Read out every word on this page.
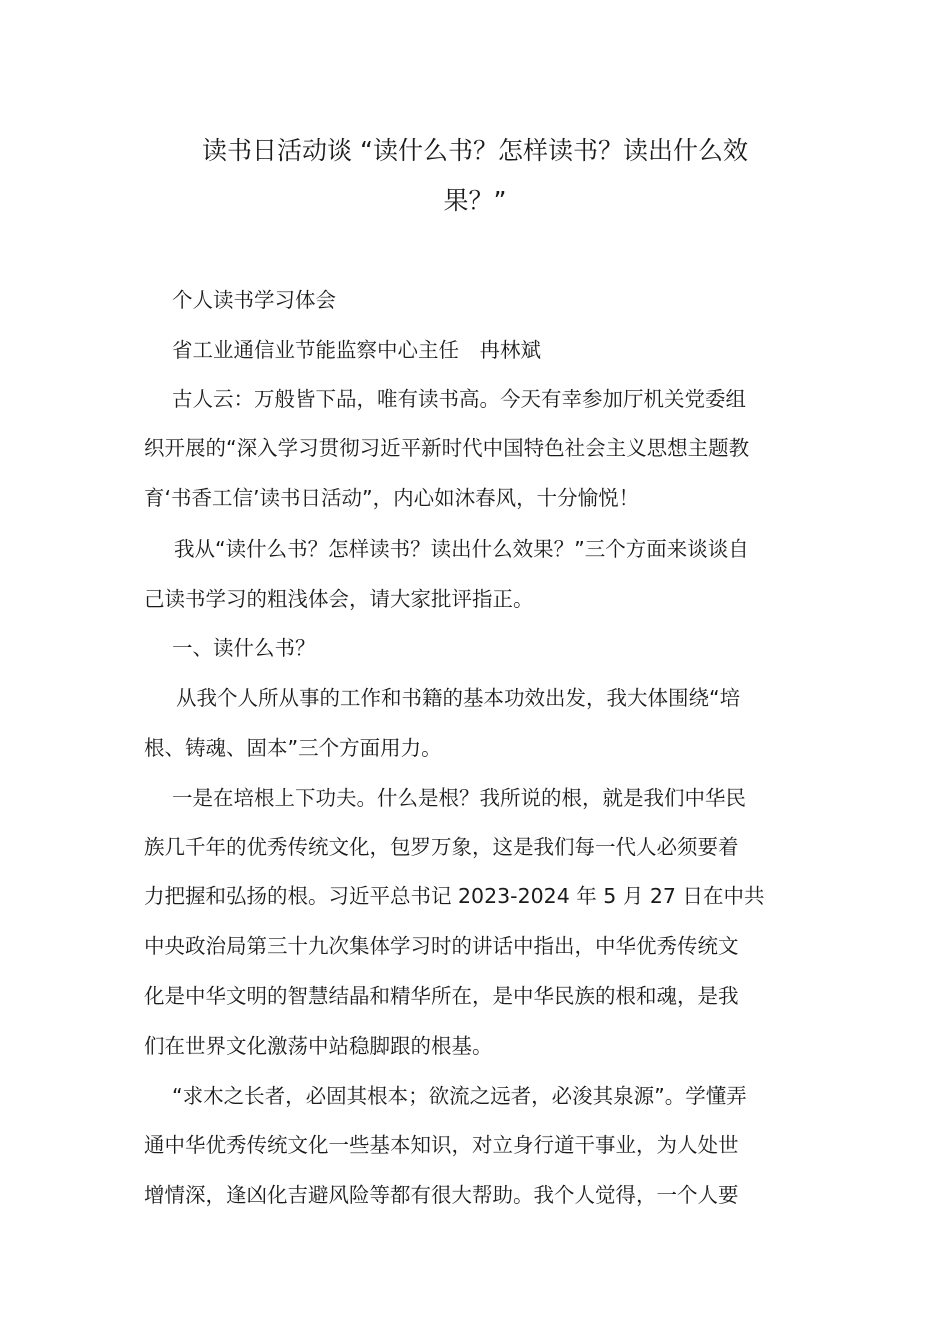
读书日活动谈 “读什么书？怎样读书？读出什么效
果？”

个人读书学习体会

省工业通信业节能监察中心主任　冉林斌

古人云：万般皆下品，唯有读书高。今天有幸参加厅机关党委组

织开展的“深入学习贯彻习近平新时代中国特色社会主义思想主题教

育‘书香工信’读书日活动”，内心如沐春风，十分愉悦！

我从“读什么书？怎样读书？读出什么效果？”三个方面来谈谈自

己读书学习的粗浅体会，请大家批评指正。

一、读什么书？

从我个人所从事的工作和书籍的基本功效出发，我大体围绕“培

根、铸魂、固本”三个方面用力。

一是在培根上下功夫。什么是根？我所说的根，就是我们中华民

族几千年的优秀传统文化，包罗万象，这是我们每一代人必须要着

力把握和弘扬的根。习近平总书记 2023-2024 年 5 月 27 日在中共

中央政治局第三十九次集体学习时的讲话中指出，中华优秀传统文

化是中华文明的智慧结晶和精华所在，是中华民族的根和魂，是我

们在世界文化激荡中站稳脚跟的根基。

“求木之长者，必固其根本；欲流之远者，必浚其泉源”。学懂弄

通中华优秀传统文化一些基本知识，对立身行道干事业，为人处世

增情深，逢凶化吉避风险等都有很大帮助。我个人觉得，一个人要
